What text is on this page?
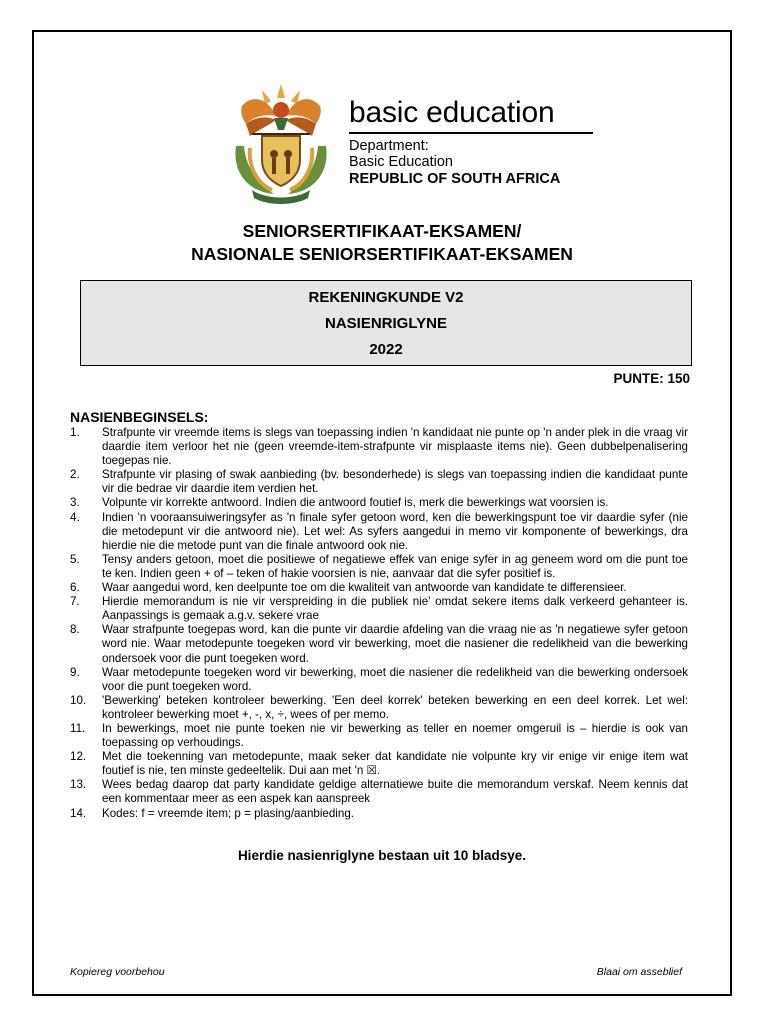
basic education
Department:
Basic Education
REPUBLIC OF SOUTH AFRICA
SENIORSERTIFIKAAT-EKSAMEN/
NASIONALE SENIORSERTIFIKAAT-EKSAMEN
REKENINGKUNDE V2
NASIENRIGLYNE
2022
PUNTE: 150
NASIENBEGINSELS:
1.	Strafpunte vir vreemde items is slegs van toepassing indien 'n kandidaat nie punte op 'n ander plek in die vraag vir daardie item verloor het nie (geen vreemde-item-strafpunte vir misplaaste items nie). Geen dubbelpenalisering toegepas nie.
2.	Strafpunte vir plasing of swak aanbieding (bv. besonderhede) is slegs van toepassing indien die kandidaat punte vir die bedrae vir daardie item verdien het.
3.	Volpunte vir korrekte antwoord. Indien die antwoord foutief is, merk die bewerkings wat voorsien is.
4.	Indien 'n vooraansuiweringsyfer as 'n finale syfer getoon word, ken die bewerkingspunt toe vir daardie syfer (nie die metodepunt vir die antwoord nie). Let wel: As syfers aangedui in memo vir komponente of bewerkings, dra hierdie nie die metode punt van die finale antwoord ook nie.
5.	Tensy anders getoon, moet die positiewe of negatiewe effek van enige syfer in ag geneem word om die punt toe te ken. Indien geen + of – teken of hakie voorsien is nie, aanvaar dat die syfer positief is.
6.	Waar aangedui word, ken deelpunte toe om die kwaliteit van antwoorde van kandidate te differensieer.
7.	Hierdie memorandum is nie vir verspreiding in die publiek nie' omdat sekere items dalk verkeerd gehanteer is. Aanpassings is gemaak a.g.v. sekere vrae
8.	Waar strafpunte toegepas word, kan die punte vir daardie afdeling van die vraag nie as 'n negatiewe syfer getoon word nie. Waar metodepunte toegeken word vir bewerking, moet die nasiener die redelikheid van die bewerking ondersoek voor die punt toegeken word.
9.	Waar metodepunte toegeken word vir bewerking, moet die nasiener die redelikheid van die bewerking ondersoek voor die punt toegeken word.
10.	'Bewerking' beteken kontroleer bewerking. 'Een deel korrek' beteken bewerking en een deel korrek. Let wel: kontroleer bewerking moet +, -, x, ÷, wees of per memo.
11.	In bewerkings, moet nie punte toeken nie vir bewerking as teller en noemer omgeruil is – hierdie is ook van toepassing op verhoudings.
12.	Met die toekenning van metodepunte, maak seker dat kandidate nie volpunte kry vir enige vir enige item wat foutief is nie, ten minste gedeeltelik. Dui aan met 'n ☒.
13.	Wees bedag daarop dat party kandidate geldige alternatiewe buite die memorandum verskaf. Neem kennis dat een kommentaar meer as een aspek kan aanspreek
14.	Kodes: f = vreemde item; p = plasing/aanbieding.
Hierdie nasienriglyne bestaan uit 10 bladsye.
Kopiereg voorbehou	Blaai om asseblief
